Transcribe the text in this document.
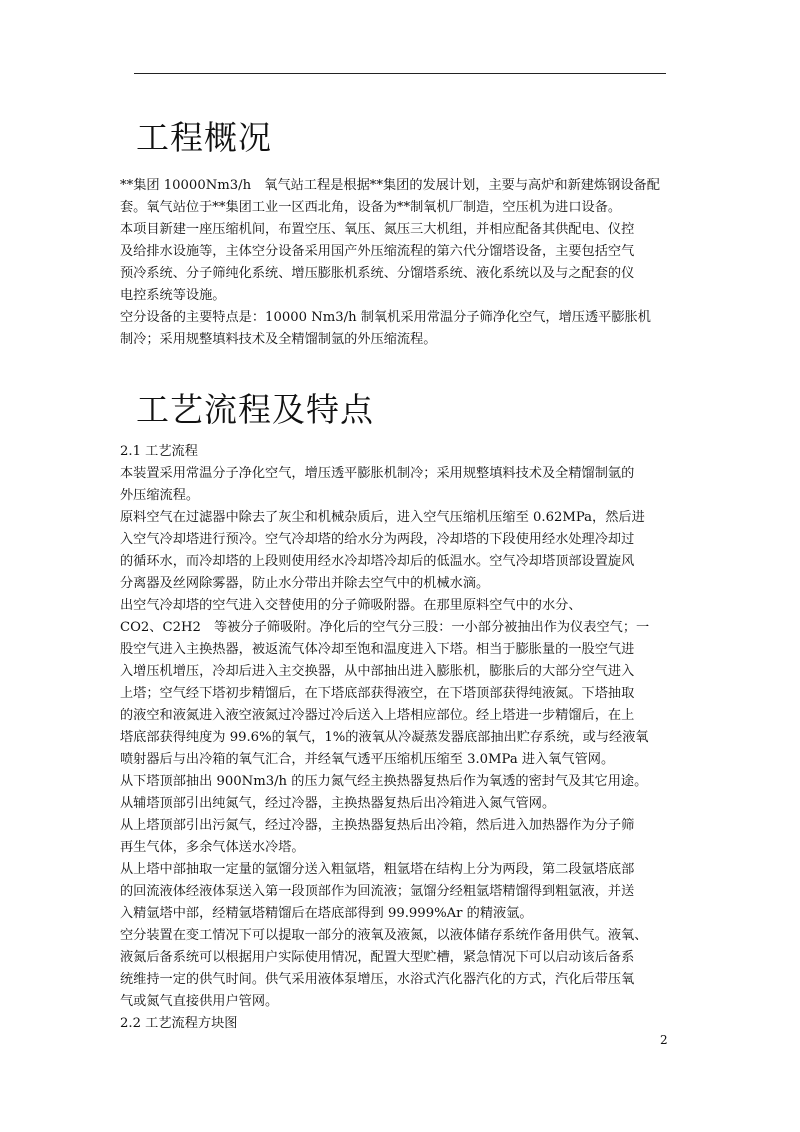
工程概况
**集团 10000Nm3/h　氧气站工程是根据**集团的发展计划，主要与高炉和新建炼钢设备配
套。氧气站位于**集团工业一区西北角，设备为**制氧机厂制造，空压机为进口设备。
本项目新建一座压缩机间，布置空压、氧压、氮压三大机组，并相应配备其供配电、仪控
及给排水设施等，主体空分设备采用国产外压缩流程的第六代分馏塔设备，主要包括空气
预冷系统、分子筛纯化系统、增压膨胀机系统、分馏塔系统、液化系统以及与之配套的仪
电控系统等设施。
空分设备的主要特点是：10000 Nm3/h 制氧机采用常温分子筛净化空气，增压透平膨胀机
制冷；采用规整填料技术及全精馏制氩的外压缩流程。
工艺流程及特点
2.1 工艺流程
本装置采用常温分子净化空气，增压透平膨胀机制冷；采用规整填料技术及全精馏制氩的
外压缩流程。
原料空气在过滤器中除去了灰尘和机械杂质后，进入空气压缩机压缩至 0.62MPa，然后进
入空气冷却塔进行预冷。空气冷却塔的给水分为两段，冷却塔的下段使用经水处理冷却过
的循环水，而冷却塔的上段则使用经水冷却塔冷却后的低温水。空气冷却塔顶部设置旋风
分离器及丝网除雾器，防止水分带出并除去空气中的机械水滴。
出空气冷却塔的空气进入交替使用的分子筛吸附器。在那里原料空气中的水分、
CO2、C2H2　等被分子筛吸附。净化后的空气分三股：一小部分被抽出作为仪表空气；一
股空气进入主换热器，被返流气体冷却至饱和温度进入下塔。相当于膨胀量的一股空气进
入增压机增压，冷却后进入主交换器，从中部抽出进入膨胀机，膨胀后的大部分空气进入
上塔；空气经下塔初步精馏后，在下塔底部获得液空，在下塔顶部获得纯液氮。下塔抽取
的液空和液氮进入液空液氮过冷器过冷后送入上塔相应部位。经上塔进一步精馏后，在上
塔底部获得纯度为 99.6%的氧气，1%的液氧从冷凝蒸发器底部抽出贮存系统，或与经液氧
喷射器后与出冷箱的氧气汇合，并经氧气透平压缩机压缩至 3.0MPa 进入氧气管网。
从下塔顶部抽出 900Nm3/h 的压力氮气经主换热器复热后作为氧透的密封气及其它用途。
从辅塔顶部引出纯氮气，经过冷器，主换热器复热后出冷箱进入氮气管网。
从上塔顶部引出污氮气，经过冷器，主换热器复热后出冷箱，然后进入加热器作为分子筛
再生气体，多余气体送水冷塔。
从上塔中部抽取一定量的氩馏分送入粗氩塔，粗氩塔在结构上分为两段，第二段氩塔底部
的回流液体经液体泵送入第一段顶部作为回流液；氩馏分经粗氩塔精馏得到粗氩液，并送
入精氩塔中部，经精氩塔精馏后在塔底部得到 99.999%Ar 的精液氩。
空分装置在变工情况下可以提取一部分的液氧及液氮，以液体储存系统作备用供气。液氧、
液氮后备系统可以根据用户实际使用情况，配置大型贮槽，紧急情况下可以启动该后备系
统维持一定的供气时间。供气采用液体泵增压，水浴式汽化器汽化的方式，汽化后带压氧
气或氮气直接供用户管网。
2.2 工艺流程方块图
2
